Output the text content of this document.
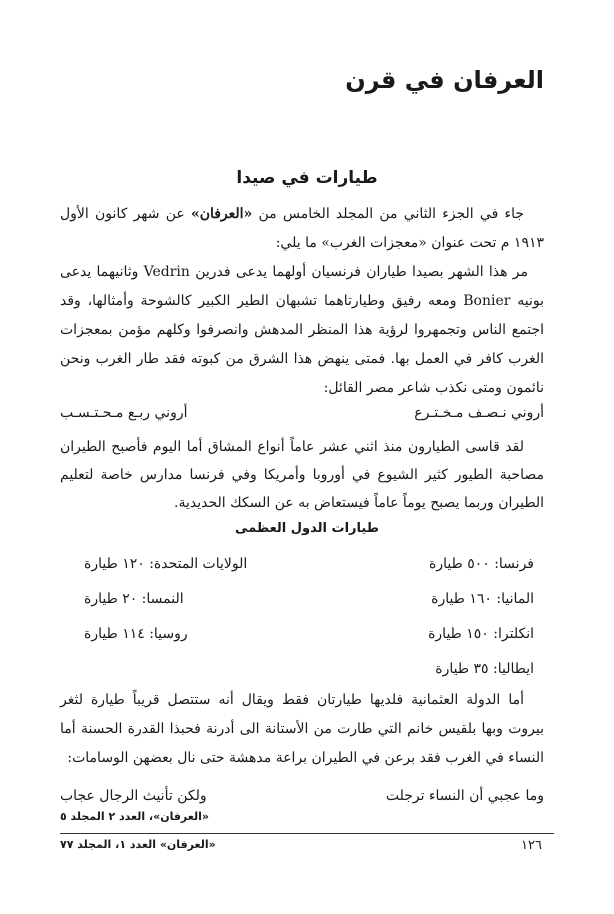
العرفان في قرن
طيارات في صيدا

جاء في الجزء الثاني من المجلد الخامس من «العرفان» عن شهر كانون الأول ١٩١٣ م تحت عنوان «معجزات الغرب» ما يلي:

مر هذا الشهر بصيدا طياران فرنسيان أولهما يدعى فدرين Vedrin وثانيهما يدعى بونيه Bonier ومعه رفيق وطيارتاهما تشبهان الطير الكبير كالشوحة وأمثالها، وقد اجتمع الناس وتجمهروا لرؤية هذا المنظر المدهش وانصرفوا وكلهم مؤمن بمعجزات الغرب كافر في العمل بها. فمتى ينهض هذا الشرق من كبوته فقد طار الغرب ونحن نائمون ومتى نكذب شاعر مصر القائل:

أروني نـصـف مـخـتـرع
أروني ربـع مـحـتـسـب

لقد قاسى الطيارون منذ اثني عشر عاماً أنواع المشاق أما اليوم فأصبح الطيران مصاحبة الطيور كثير الشيوع في أوروبا وأمريكا وفي فرنسا مدارس خاصة لتعليم الطيران وربما يصبح يوماً عاماً فيستعاض به عن السكك الحديدية.

طيارات الدول العظمى
فرنسا: ٥٠٠ طيارة
الولايات المتحدة: ١٢٠ طيارة
المانيا: ١٦٠ طيارة
النمسا: ٢٠ طيارة
انكلترا: ١٥٠ طيارة
روسيا: ١١٤ طيارة
ايطاليا: ٣٥ طيارة

أما الدولة العثمانية فلديها طيارتان فقط ويقال أنه ستتصل قريباً طيارة لثغر بيروت وبها بلقيس خانم التي طارت من الأستانة الى أدرنة فحبذا القدرة الحسنة أما النساء في الغرب فقد برعن في الطيران براعة مدهشة حتى نال بعضهن الوسامات:

وما عجبي أن النساء ترجلت
ولكن تأنيث الرجال عجاب
«العرفان»، العدد ٢ المجلد ٥
١٢٦
«العرفان» العدد ١، المجلد ٧٧
